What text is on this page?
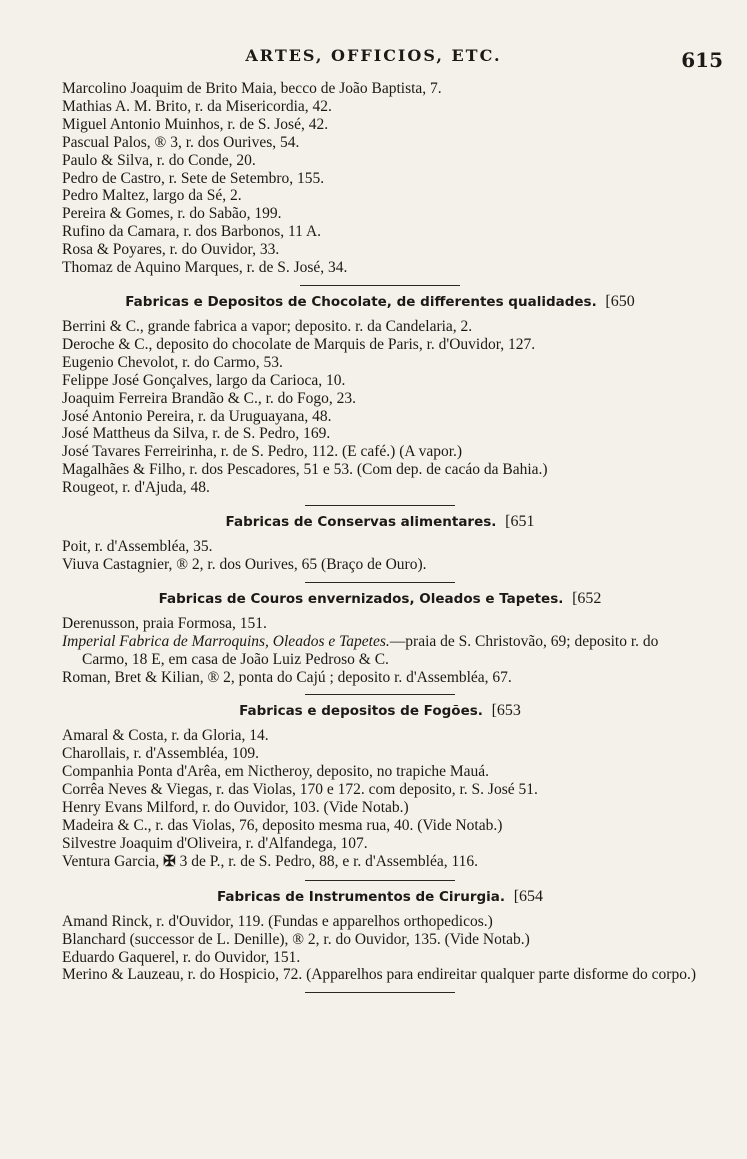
ARTES, OFFICIOS, ETC.	615
Marcolino Joaquim de Brito Maia, becco de João Baptista, 7.
Mathias A. M. Brito, r. da Misericordia, 42.
Miguel Antonio Muinhos, r. de S. José, 42.
Pascual Palos, ® 3, r. dos Ourives, 54.
Paulo & Silva, r. do Conde, 20.
Pedro de Castro, r. Sete de Setembro, 155.
Pedro Maltez, largo da Sé, 2.
Pereira & Gomes, r. do Sabão, 199.
Rufino da Camara, r. dos Barbonos, 11 A.
Rosa & Poyares, r. do Ouvidor, 33.
Thomaz de Aquino Marques, r. de S. José, 34.
Fabricas e Depositos de Chocolate, de differentes qualidades. [650
Berrini & C., grande fabrica a vapor; deposito. r. da Candelaria, 2.
Deroche & C., deposito do chocolate de Marquis de Paris, r. d'Ouvidor, 127.
Eugenio Chevolot, r. do Carmo, 53.
Felippe José Gonçalves, largo da Carioca, 10.
Joaquim Ferreira Brandão & C., r. do Fogo, 23.
José Antonio Pereira, r. da Uruguayana, 48.
José Mattheus da Silva, r. de S. Pedro, 169.
José Tavares Ferreirinha, r. de S. Pedro, 112. (E café.) (A vapor.)
Magalhães & Filho, r. dos Pescadores, 51 e 53. (Com dep. de cacáo da Bahia.)
Rougeot, r. d'Ajuda, 48.
Fabricas de Conservas alimentares. [651
Poit, r. d'Assembléa, 35.
Viuva Castagnier, ® 2, r. dos Ourives, 65 (Braço de Ouro).
Fabricas de Couros envernizados, Oleados e Tapetes. [652
Derenusson, praia Formosa, 151.
Imperial Fabrica de Marroquins, Oleados e Tapetes.—praia de S. Christovão, 69; deposito r. do Carmo, 18 E, em casa de João Luiz Pedroso & C.
Roman, Bret & Kilian, ® 2, ponta do Cajú ; deposito r. d'Assembléa, 67.
Fabricas e depositos de Fogões. [653
Amaral & Costa, r. da Gloria, 14.
Charollais, r. d'Assembléa, 109.
Companhia Ponta d'Arêa, em Nictheroy, deposito, no trapiche Mauá.
Corrêa Neves & Viegas, r. das Violas, 170 e 172. com deposito, r. S. José 51.
Henry Evans Milford, r. do Ouvidor, 103. (Vide Notab.)
Madeira & C., r. das Violas, 76, deposito mesma rua, 40. (Vide Notab.)
Silvestre Joaquim d'Oliveira, r. d'Alfandega, 107.
Ventura Garcia, ✠ 3 de P., r. de S. Pedro, 88, e r. d'Assembléa, 116.
Fabricas de Instrumentos de Cirurgia. [654
Amand Rinck, r. d'Ouvidor, 119. (Fundas e apparelhos orthopedicos.)
Blanchard (successor de L. Denille), ® 2, r. do Ouvidor, 135. (Vide Notab.)
Eduardo Gaquerel, r. do Ouvidor, 151.
Merino & Lauzeau, r. do Hospicio, 72. (Apparelhos para endireitar qualquer parte disforme do corpo.)
